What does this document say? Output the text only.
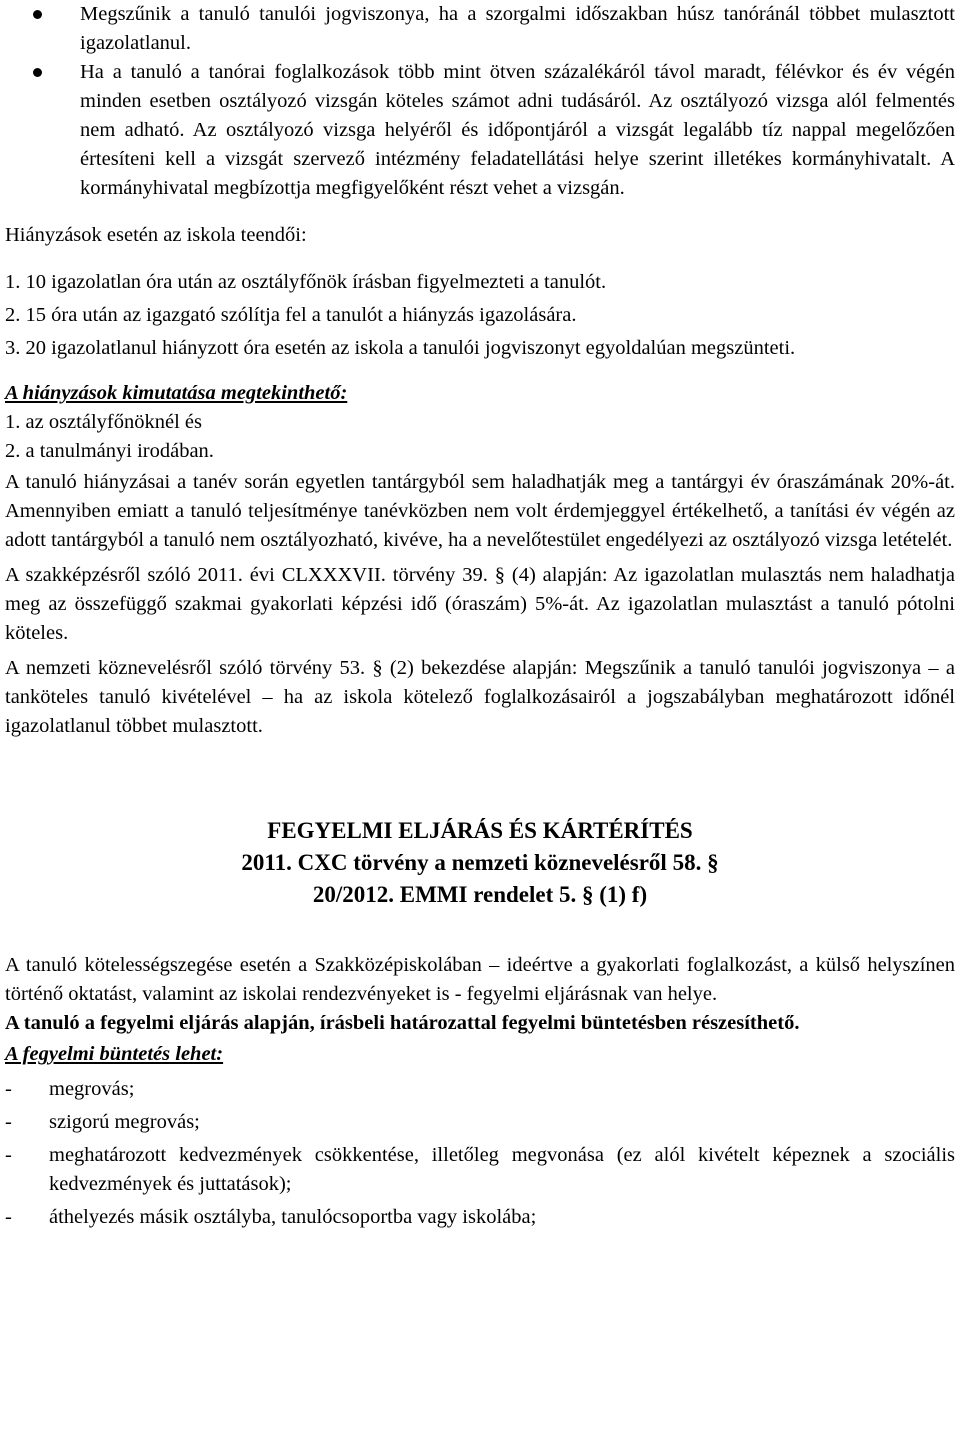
Megszűnik a tanuló tanulói jogviszonya, ha a szorgalmi időszakban húsz tanóránál többet mulasztott igazolatlanul.
Ha a tanuló a tanórai foglalkozások több mint ötven százalékáról távol maradt, félévkor és év végén minden esetben osztályozó vizsgán köteles számot adni tudásáról. Az osztályozó vizsga alól felmentés nem adható. Az osztályozó vizsga helyéről és időpontjáról a vizsgát legalább tíz nappal megelőzően értesíteni kell a vizsgát szervező intézmény feladatellátási helye szerint illetékes kormányhivatalt. A kormányhivatal megbízottja megfigyelőként részt vehet a vizsgán.

Hiányzások esetén az iskola teendői:

1. 10 igazolatlan óra után az osztályfőnök írásban figyelmezteti a tanulót.

2. 15 óra után az igazgató szólítja fel a tanulót a hiányzás igazolására.

3. 20 igazolatlanul hiányzott óra esetén az iskola a tanulói jogviszonyt egyoldalúan megszünteti.

A hiányzások kimutatása megtekinthető:

1. az osztályfőnöknél és

2. a tanulmányi irodában.

A tanuló hiányzásai a tanév során egyetlen tantárgyból sem haladhatják meg a tantárgyi év óraszámának 20%-át. Amennyiben emiatt a tanuló teljesítménye tanévközben nem volt érdemjeggyel értékelhető, a tanítási év végén az adott tantárgyból a tanuló nem osztályozható, kivéve, ha a nevelőtestület engedélyezi az osztályozó vizsga letételét.

A szakképzésről szóló 2011. évi CLXXXVII. törvény 39. § (4) alapján: Az igazolatlan mulasztás nem haladhatja meg az összefüggő szakmai gyakorlati képzési idő (óraszám) 5%-át. Az igazolatlan mulasztást a tanuló pótolni köteles.

A nemzeti köznevelésről szóló törvény 53. § (2) bekezdése alapján: Megszűnik a tanuló tanulói jogviszonya – a tanköteles tanuló kivételével – ha az iskola kötelező foglalkozásairól a jogszabályban meghatározott időnél igazolatlanul többet mulasztott.

FEGYELMI ELJÁRÁS ÉS KÁRTÉRÍTÉS
2011. CXC törvény a nemzeti köznevelésről 58. §
20/2012. EMMI rendelet 5. § (1) f)

A tanuló kötelességszegése esetén a Szakközépiskolában – ideértve a gyakorlati foglalkozást, a külső helyszínen történő oktatást, valamint az iskolai rendezvényeket is - fegyelmi eljárásnak van helye.

A tanuló a fegyelmi eljárás alapján, írásbeli határozattal fegyelmi büntetésben részesíthető.

A fegyelmi büntetés lehet:

- megrovás;
- szigorú megrovás;
- meghatározott kedvezmények csökkentése, illetőleg megvonása (ez alól kivételt képeznek a szociális kedvezmények és juttatások);
- áthelyezés másik osztályba, tanulócsoportba vagy iskolába;
